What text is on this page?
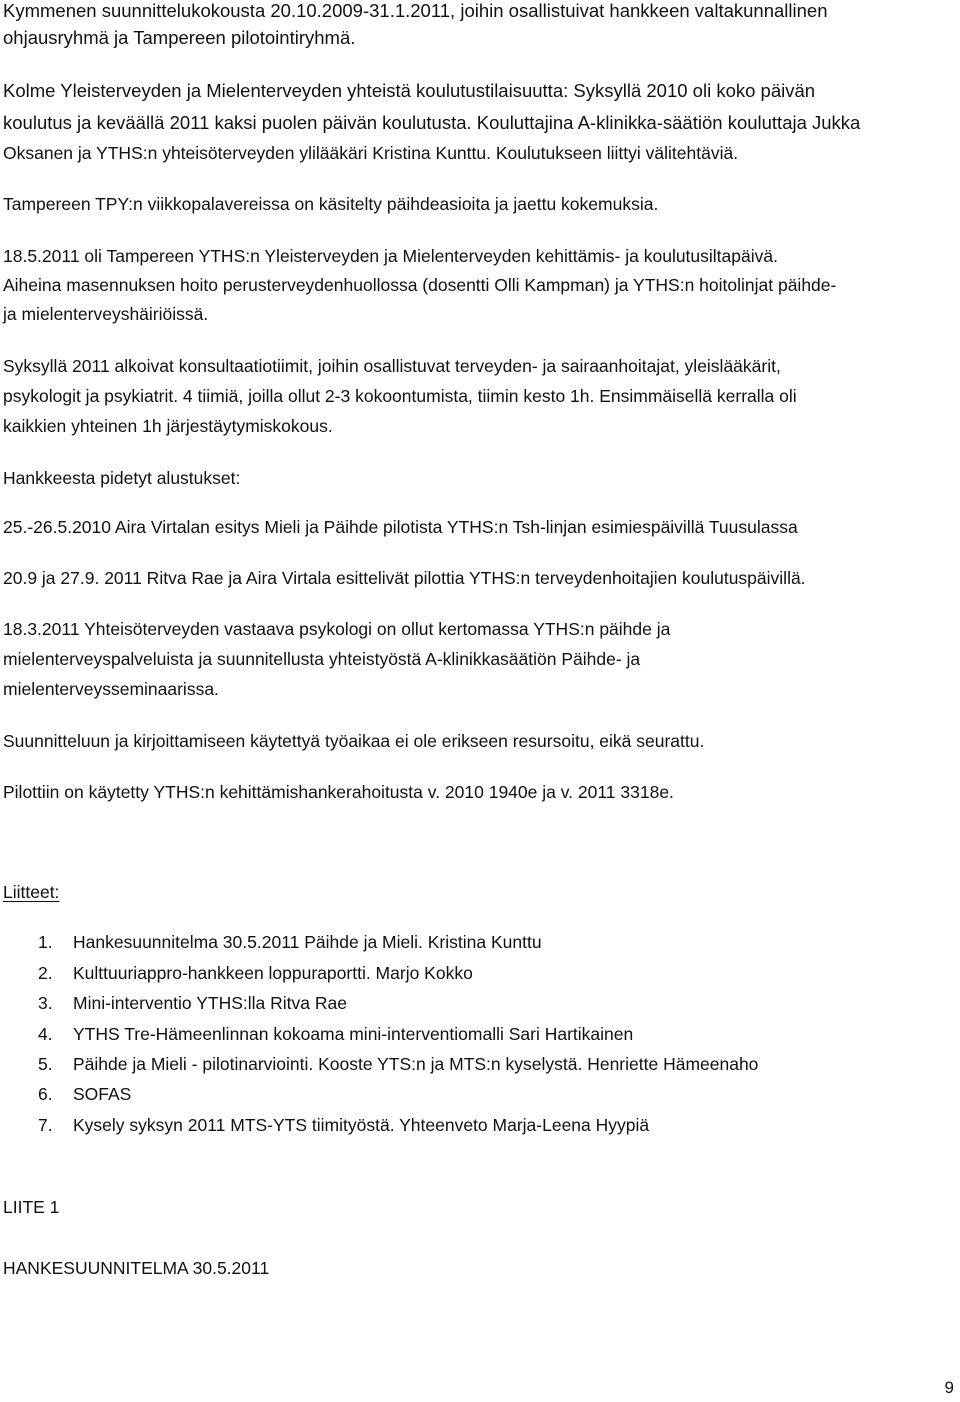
Kymmenen suunnittelukokousta 20.10.2009-31.1.2011, joihin osallistuivat hankkeen valtakunnallinen
ohjausryhmä ja Tampereen pilotointiryhmä.
Kolme Yleisterveyden ja Mielenterveyden yhteistä koulutustilaisuutta: Syksyllä 2010 oli koko päivän
koulutus ja keväällä 2011 kaksi puolen päivän koulutusta. Kouluttajina A-klinikka-säätiön kouluttaja Jukka
Oksanen ja YTHS:n yhteisöterveyden ylilääkäri Kristina Kunttu. Koulutukseen liittyi välitehtäviä.
Tampereen TPY:n viikkopalavereissa on käsitelty päihdeasioita ja jaettu kokemuksia.
18.5.2011 oli Tampereen YTHS:n Yleisterveyden ja Mielenterveyden kehittämis- ja koulutusiltapäivä.
Aiheina masennuksen hoito perusterveydenhuollossa (dosentti Olli Kampman) ja YTHS:n hoitolinjat päihde-
ja mielenterveyshäiriöissä.
Syksyllä 2011 alkoivat konsultaatiotiimit, joihin osallistuvat terveyden- ja sairaanhoitajat, yleislääkärit,
psykologit ja psykiatrit. 4 tiimiä, joilla ollut 2-3 kokoontumista, tiimin kesto 1h. Ensimmäisellä kerralla oli
kaikkien yhteinen 1h järjestäytymiskokous.
Hankkeesta pidetyt alustukset:
25.-26.5.2010 Aira Virtalan esitys Mieli ja Päihde pilotista YTHS:n Tsh-linjan esimiespäivillä Tuusulassa
20.9 ja 27.9. 2011 Ritva Rae ja Aira Virtala esittelivät pilottia YTHS:n terveydenhoitajien koulutuspäivillä.
18.3.2011 Yhteisöterveyden vastaava psykologi on ollut kertomassa YTHS:n päihde ja
mielenterveyspalveluista ja suunnitellusta yhteistyöstä A-klinikkasäätiön Päihde- ja
mielenterveysseminaarissa.
Suunnitteluun ja kirjoittamiseen käytettyä työaikaa ei ole erikseen resursoitu, eikä seurattu.
Pilottiin on käytetty YTHS:n kehittämishankerahoitusta v. 2010 1940e ja v. 2011 3318e.
Liitteet:
1. Hankesuunnitelma 30.5.2011 Päihde ja Mieli. Kristina Kunttu
2. Kulttuuriappro-hankkeen loppuraportti. Marjo Kokko
3. Mini-interventio YTHS:lla Ritva Rae
4. YTHS Tre-Hämeenlinnan kokoama mini-interventiomalli Sari Hartikainen
5. Päihde ja Mieli - pilotinarviointi. Kooste YTS:n ja MTS:n kyselystä. Henriette Hämeenaho
6. SOFAS
7. Kysely syksyn 2011 MTS-YTS tiimityöstä. Yhteenveto Marja-Leena Hyypiä
LIITE 1
HANKESUUNNITELMA 30.5.2011
9
